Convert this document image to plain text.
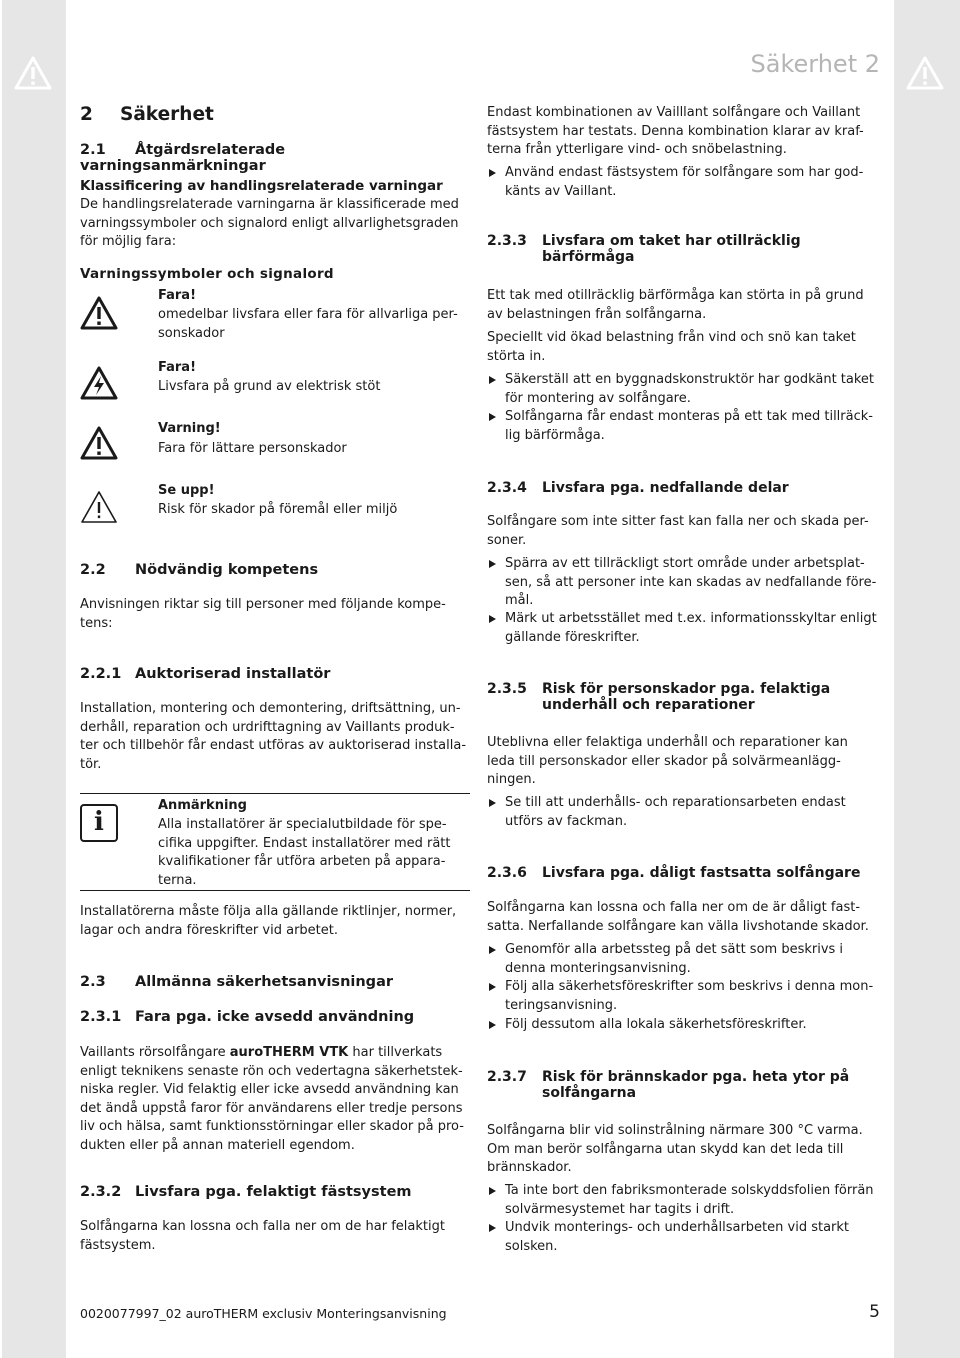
Säkerhet 2
2 Säkerhet
2.1 Åtgärdsrelaterade varningsanmärkningar
Klassificering av handlingsrelaterade varningar
De handlingsrelaterade varningarna är klassificerade med
varningssymboler och signalord enligt allvarlighetsgraden
för möjlig fara:
Varningssymboler och signalord
Fara!
omedelbar livsfara eller fara för allvarliga per-
sonskador
Fara!
Livsfara på grund av elektrisk stöt
Varning!
Fara för lättare personskador
Se upp!
Risk för skador på föremål eller miljö
2.2 Nödvändig kompetens
Anvisningen riktar sig till personer med följande kompe-
tens:
2.2.1 Auktoriserad installatör
Installation, montering och demontering, driftsättning, un-
derhåll, reparation och urdrifttagning av Vaillants produk-
ter och tillbehör får endast utföras av auktoriserad installa-
tör.
i
Anmärkning
Alla installatörer är specialutbildade för spe-
cifika uppgifter. Endast installatörer med rätt
kvalifikationer får utföra arbeten på appara-
terna.
Installatörerna måste följa alla gällande riktlinjer, normer,
lagar och andra föreskrifter vid arbetet.
2.3 Allmänna säkerhetsanvisningar
2.3.1 Fara pga. icke avsedd användning
Vaillants rörsolfångare auroTHERM VTK har tillverkats
enligt teknikens senaste rön och vedertagna säkerhetstek-
niska regler. Vid felaktig eller icke avsedd användning kan
det ändå uppstå faror för användarens eller tredje persons
liv och hälsa, samt funktionsstörningar eller skador på pro-
dukten eller på annan materiell egendom.
2.3.2 Livsfara pga. felaktigt fästsystem
Solfångarna kan lossna och falla ner om de har felaktigt
fästsystem.
Endast kombinationen av Vailllant solfångare och Vaillant
fästsystem har testats. Denna kombination klarar av kraf-
terna från ytterligare vind- och snöbelastning.
Använd endast fästsystem för solfångare som har god-
känts av Vaillant.
2.3.3 Livsfara om taket har otillräcklig
bärförmåga
Ett tak med otillräcklig bärförmåga kan störta in på grund
av belastningen från solfångarna.
Speciellt vid ökad belastning från vind och snö kan taket
störta in.
Säkerställ att en byggnadskonstruktör har godkänt taket
för montering av solfångare.
Solfångarna får endast monteras på ett tak med tillräck-
lig bärförmåga.
2.3.4 Livsfara pga. nedfallande delar
Solfångare som inte sitter fast kan falla ner och skada per-
soner.
Spärra av ett tillräckligt stort område under arbetsplat-
sen, så att personer inte kan skadas av nedfallande före-
mål.
Märk ut arbetsstället med t.ex. informationsskyltar enligt
gällande föreskrifter.
2.3.5 Risk för personskador pga. felaktiga
underhåll och reparationer
Uteblivna eller felaktiga underhåll och reparationer kan
leda till personskador eller skador på solvärmeanlägg-
ningen.
Se till att underhålls- och reparationsarbeten endast
utförs av fackman.
2.3.6 Livsfara pga. dåligt fastsatta solfångare
Solfångarna kan lossna och falla ner om de är dåligt fast-
satta. Nerfallande solfångare kan välla livshotande skador.
Genomför alla arbetssteg på det sätt som beskrivs i
denna monteringsanvisning.
Följ alla säkerhetsföreskrifter som beskrivs i denna mon-
teringsanvisning.
Följ dessutom alla lokala säkerhetsföreskrifter.
2.3.7 Risk för brännskador pga. heta ytor på
solfångarna
Solfångarna blir vid solinstrålning närmare 300 °C varma.
Om man berör solfångarna utan skydd kan det leda till
brännskador.
Ta inte bort den fabriksmonterade solskyddsfolien förrän
solvärmesystemet har tagits i drift.
Undvik monterings- och underhållsarbeten vid starkt
solsken.
0020077997_02 auroTHERM exclusiv Monteringsanvisning	5
